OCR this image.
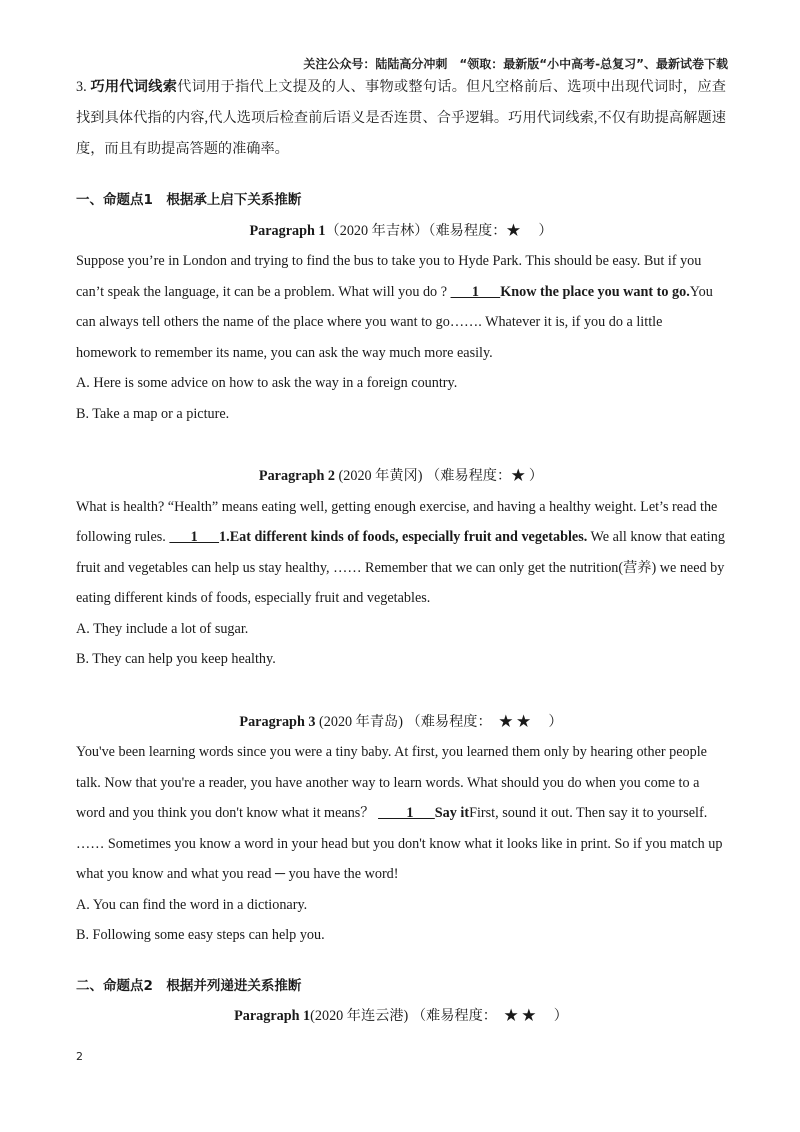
关注公众号：陆陆高分冲刺　“领取：最新版“小中高考-总复习”、最新试卷下载

3. 巧用代词线索代词用于指代上文提及的人、事物或整句话。但凡空格前后、选项中出现代词时，应查找到具体代指的内容,代人选项后检查前后语义是否连贯、合乎逻辑。巧用代词线索,不仅有助提高解题速度，而且有助提高答题的准确率。

一、命题点1　根据承上启下关系推断

Paragraph 1（2020 年吉林）（难易程度：★　 ）

Suppose you’re in London and trying to find the bus to take you to Hyde Park. This should be easy. But if you can’t speak the language, it can be a problem. What will you do ?       1      Know the place you want to go.You can always tell others the name of the place where you want to go……. Whatever it is, if you do a little homework to remember its name, you can ask the way much more easily.

A. Here is some advice on how to ask the way in a foreign country.

B. Take a map or a picture.

Paragraph 2 (2020 年黄冈) （难易程度：★ ）

What is health? “Health” means eating well, getting enough exercise, and having a healthy weight. Let’s read the following rules.       1      1.Eat different kinds of foods, especially fruit and vegetables. We all know that eating fruit and vegetables can help us stay healthy, …… Remember that we can only get the nutrition(营养) we need by eating different kinds of foods, especially fruit and vegetables.

A. They include a lot of sugar.

B. They can help you keep healthy.

Paragraph 3 (2020 年青岛) （难易程度：　★ ★　 ）

You've been learning words since you were a tiny baby. At first, you learned them only by hearing other people talk. Now that you're a reader, you have another way to learn words. What should you do when you come to a word and you think you don't know what it means？         1      Say itFirst, sound it out. Then say it to yourself. …… Sometimes you know a word in your head but you don't know what it looks like in print. So if you match up what you know and what you read ─ you have the word!

A. You can find the word in a dictionary.

B. Following some easy steps can help you.

二、命题点2　根据并列递进关系推断

Paragraph 1(2020 年连云港) （难易程度：　★ ★　 ）

2
